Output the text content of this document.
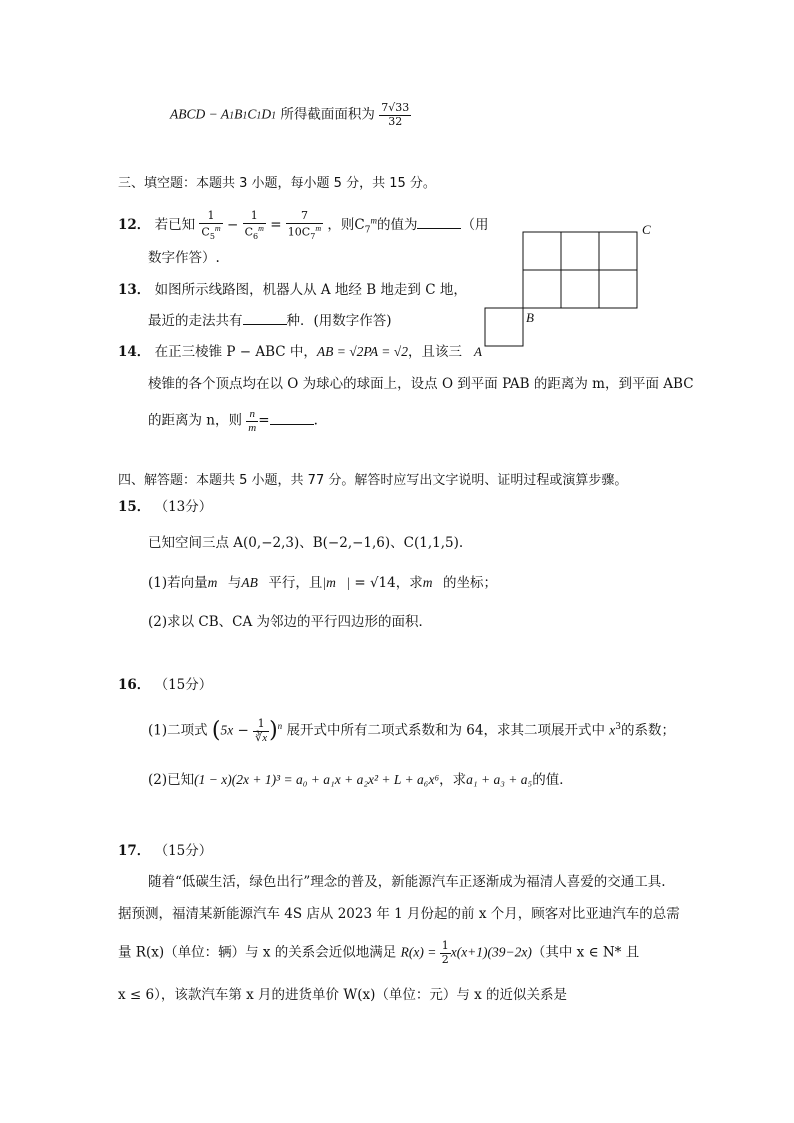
ABCD − A1B1C1D1 所得截面面积为 $\frac{7√33}{32}$
三、填空题：本题共 3 小题，每小题 5 分，共 15 分。
12． 若已知 $\frac{1}{C_5^m} - \frac{1}{C_6^m} = \frac{7}{10C_7^m}$ ，则$C_7^m$的值为	（用
数字作答）.
13． 如图所示线路图，机器人从 A 地经 B 地走到 C 地，
最近的走法共有	种．(用数字作答)
A
B
C
14． 在正三棱锥 P − ABC 中，AB = √2PA = √2，且该三
棱锥的各个顶点均在以 O 为球心的球面上，设点 O 到平面 PAB 的距离为 m，到平面 ABC
的距离为 n，则 $\frac{n}{m}$ =	.
四、解答题：本题共 5 小题，共 77 分。解答时应写出文字说明、证明过程或演算步骤。
15． （13分）
已知空间三点 A(0,−2,3)、B(−2,−1,6)、C(1,1,5).
(1)若向量m⃗与AB⃗平行，且|m⃗| = √14，求m⃗的坐标；
(2)求以 CB、CA 为邻边的平行四边形的面积．
16． （15分）
(1)二项式 $(5x - \frac{1}{∛x} )^n$ 展开式中所有二项式系数和为 64，求其二项展开式中 $x^3$的系数；
(2)已知(1 − x)(2x + 1)³ = a₀ + a₁x + a₂x² + L + a₆x⁶，求a₁ + a₃ + a₅的值．
17． （15分）
随着“低碳生活，绿色出行”理念的普及，新能源汽车正逐渐成为福清人喜爱的交通工具.
据预测，福清某新能源汽车 4S 店从 2023 年 1 月份起的前 x 个月，顾客对比亚迪汽车的总需
量 R(x)（单位：辆）与 x 的关系会近似地满足 $R(x) = \frac{1}{2} x(x+1)(39-2x)$（其中 x ∈ N* 且
x ≤ 6），该款汽车第 x 月的进货单价 W(x)（单位：元）与 x 的近似关系是
